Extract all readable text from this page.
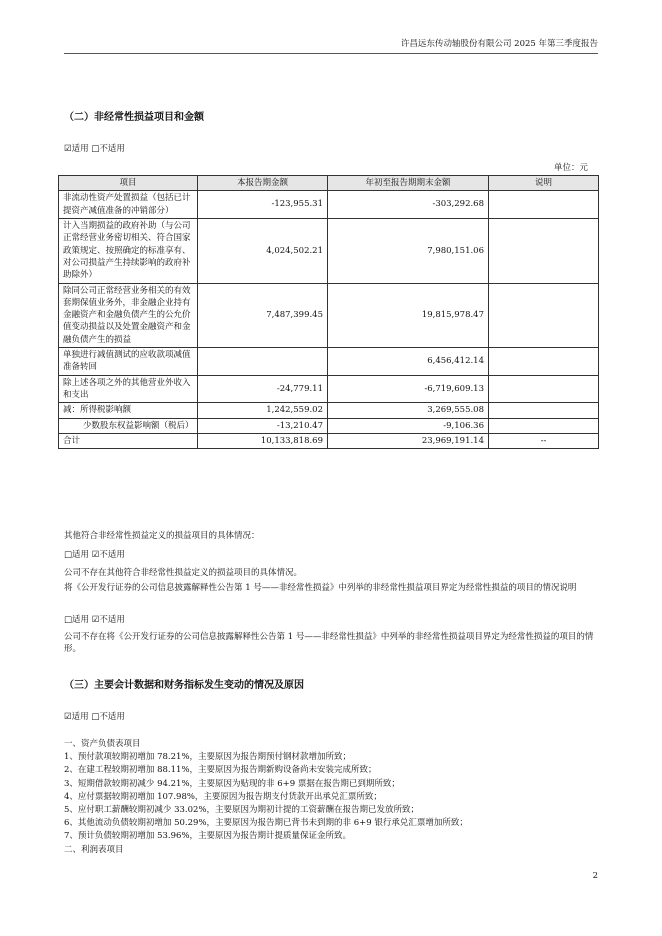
许昌远东传动轴股份有限公司 2025 年第三季度报告
（二）非经常性损益项目和金额
☑适用 □不适用
单位：元
项目	本报告期金额	年初至报告期期末金额	说明
非流动性资产处置损益（包括已计提资产减值准备的冲销部分）	-123,955.31	-303,292.68	
计入当期损益的政府补助（与公司正常经营业务密切相关、符合国家政策规定、按照确定的标准享有、对公司损益产生持续影响的政府补助除外）	4,024,502.21	7,980,151.06	
除同公司正常经营业务相关的有效套期保值业务外，非金融企业持有金融资产和金融负债产生的公允价值变动损益以及处置金融资产和金融负债产生的损益	7,487,399.45	19,815,978.47	
单独进行减值测试的应收款项减值准备转回		6,456,412.14	
除上述各项之外的其他营业外收入和支出	-24,779.11	-6,719,609.13	
减：所得税影响额	1,242,559.02	3,269,555.08	
少数股东权益影响额（税后）	-13,210.47	-9,106.36	
合计	10,133,818.69	23,969,191.14	--
其他符合非经常性损益定义的损益项目的具体情况：
□适用 ☑不适用
公司不存在其他符合非经常性损益定义的损益项目的具体情况。
将《公开发行证券的公司信息披露解释性公告第 1 号——非经常性损益》中列举的非经常性损益项目界定为经常性损益的项目的情况说明
□适用 ☑不适用
公司不存在将《公开发行证券的公司信息披露解释性公告第 1 号——非经常性损益》中列举的非经常性损益项目界定为经常性损益的项目的情形。
（三）主要会计数据和财务指标发生变动的情况及原因
☑适用 □不适用
一、资产负债表项目
1、预付款项较期初增加 78.21%，主要原因为报告期预付钢材款增加所致；
2、在建工程较期初增加 88.11%，主要原因为报告期新购设备尚未安装完成所致；
3、短期借款较期初减少 94.21%，主要原因为贴现的非 6+9 票据在报告期已到期所致；
4、应付票据较期初增加 107.98%，主要原因为报告期支付货款开出承兑汇票所致；
5、应付职工薪酬较期初减少 33.02%，主要原因为期初计提的工资薪酬在报告期已发放所致；
6、其他流动负债较期初增加 50.29%，主要原因为报告期已背书未到期的非 6+9 银行承兑汇票增加所致；
7、预计负债较期初增加 53.96%，主要原因为报告期计提质量保证金所致。
二、利润表项目
2
